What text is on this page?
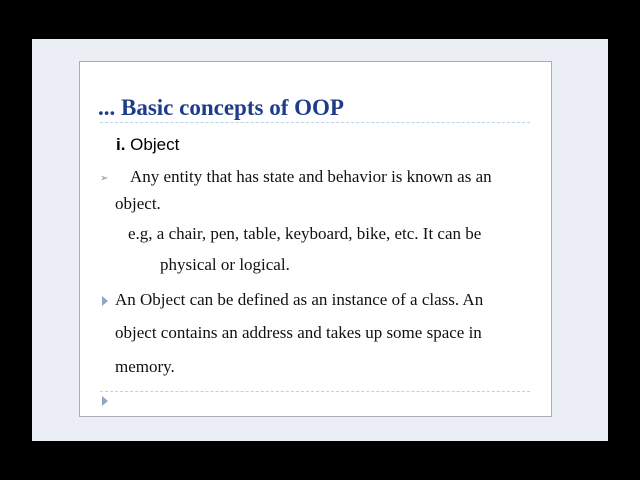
... Basic concepts of OOP
i. Object
➢ Any entity that has state and behavior is known as an
object.
e.g, a chair, pen, table, keyboard, bike, etc. It can be
physical or logical.
An Object can be defined as an instance of a class. An
object contains an address and takes up some space in
memory.
